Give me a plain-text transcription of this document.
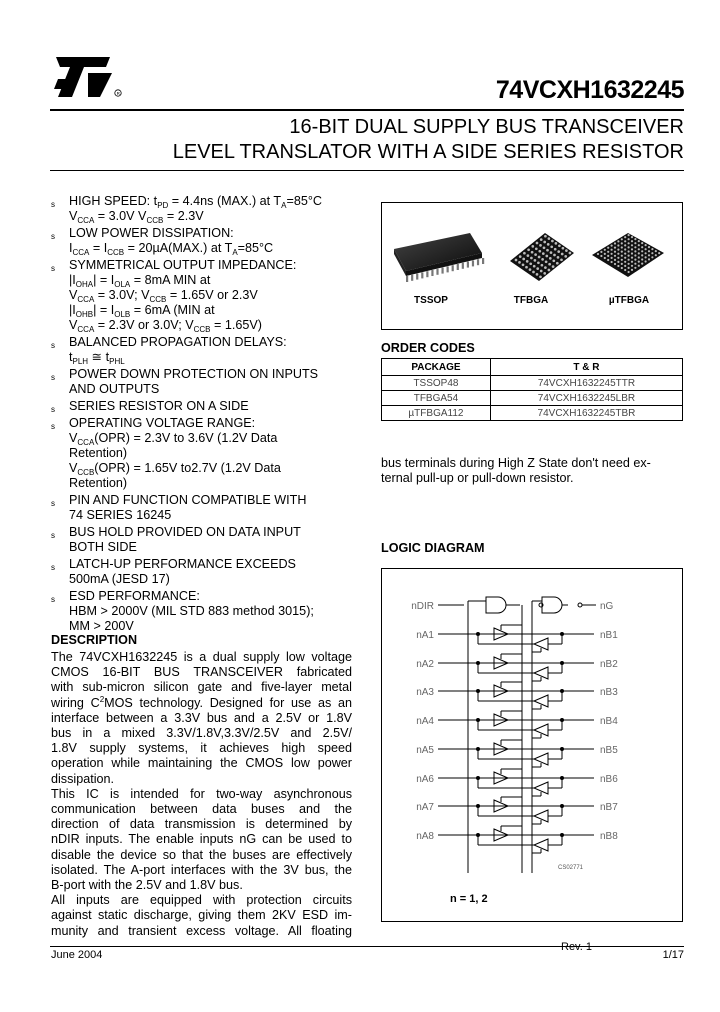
R	74VCXH1632245
16-BIT DUAL SUPPLY BUS TRANSCEIVER
LEVEL TRANSLATOR WITH A SIDE SERIES RESISTOR
s HIGH SPEED: $t_{PD} = 4.4ns$ (MAX.) at $T_A=85^\circ C$
$V_{CCA} = 3.0V$ $V_{CCB} = 2.3V$
s LOW POWER DISSIPATION:
$I_{CCA} = I_{CCB} = 20\mu A(MAX.)$ at $T_A=85^\circ C$
s SYMMETRICAL OUTPUT IMPEDANCE:
$|I_{OHA}| = I_{OLA} = 8mA$ MIN at
$V_{CCA} = 3.0V$; $V_{CCB} = 1.65V$ or 2.3V
$|I_{OHB}| = I_{OLB} = 6mA$ (MIN at
$V_{CCA} = 2.3V$ or 3.0V; $V_{CCB} = 1.65V$)
s BALANCED PROPAGATION DELAYS:
$t_{PLH}$ ≅ $t_{PHL}$
s POWER DOWN PROTECTION ON INPUTS
AND OUTPUTS
s SERIES RESISTOR ON A SIDE
s OPERATING VOLTAGE RANGE:
$V_{CCA}(OPR) = 2.3V$ to 3.6V (1.2V Data
Retention)
$V_{CCB}(OPR) = 1.65V$ to2.7V (1.2V Data
Retention)
s PIN AND FUNCTION COMPATIBLE WITH
74 SERIES 16245
s BUS HOLD PROVIDED ON DATA INPUT
BOTH SIDE
s LATCH-UP PERFORMANCE EXCEEDS
500mA (JESD 17)
s ESD PERFORMANCE:
HBM > 2000V (MIL STD 883 method 3015);
MM > 200V
DESCRIPTION
The 74VCXH1632245 is a dual supply low voltage
CMOS 16-BIT BUS TRANSCEIVER fabricated
with sub-micron silicon gate and five-layer metal
wiring $C^2MOS$ technology. Designed for use as an
interface between a 3.3V bus and a 2.5V or 1.8V
bus in a mixed 3.3V/1.8V,3.3V/2.5V and 2.5V/
1.8V supply systems, it achieves high speed
operation while maintaining the CMOS low power
dissipation.
This IC is intended for two-way asynchronous
communication between data buses and the
direction of data transmission is determined by
nDIR inputs. The enable inputs nG can be used to
disable the device so that the buses are effectively
isolated. The A-port interfaces with the 3V bus, the
B-port with the 2.5V and 1.8V bus.
All inputs are equipped with protection circuits
against static discharge, giving them 2KV ESD im-
munity and transient excess voltage. All floating
TSSOP	TFBGA	µTFBGA
ORDER CODES
PACKAGE	T & R
TSSOP48	74VCXH1632245TTR
TFBGA54	74VCXH1632245LBR
µTFBGA112	74VCXH1632245TBR
bus terminals during High Z State don't need ex-
ternal pull-up or pull-down resistor.
LOGIC DIAGRAM
CS02771
n = 1, 2
nDIR
nA1
nA2
nA3
nA4
nA5
nA6
nA7
nA8
nG
nB1
nB2
nB3
nB4
nB5
nB6
nB7
nB8
June 2004
Rev. 1
1/17
